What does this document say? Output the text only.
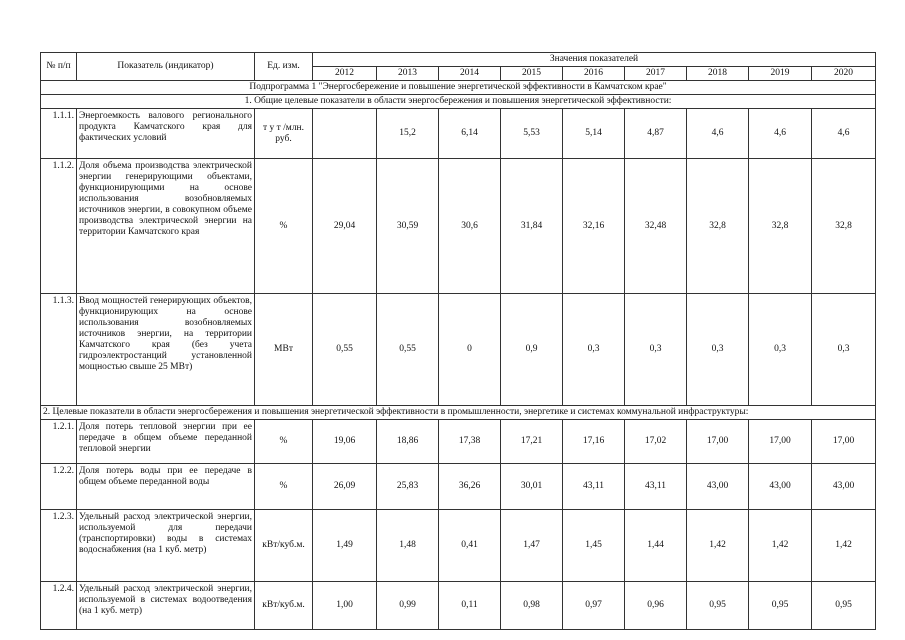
№ п/п	Показатель (индикатор)	Ед. изм.	Значения показателей								
			2012	2013	2014	2015	2016	2017	2018	2019	2020
Подпрограмма 1 "Энергосбережение и повышение энергетической эффективности в Камчатском крае"											
1. Общие целевые показатели в области энергосбережения и повышения энергетической эффективности:											
1.1.1.	Энергоемкость валового регионального продукта Камчатского края для фактических условий	т у т /млн. руб.		15,2	6,14	5,53	5,14	4,87	4,6	4,6	4,6
1.1.2.	Доля объема производства электрической энергии генерирующими объектами, функционирующими на основе использования возобновляемых источников энергии, в совокупном объеме производства электрической энергии на территории Камчатского края	%	29,04	30,59	30,6	31,84	32,16	32,48	32,8	32,8	32,8
1.1.3.	Ввод мощностей генерирующих объектов, функционирующих на основе использования возобновляемых источников энергии, на территории Камчатского края (без учета гидроэлектростанций установленной мощностью свыше 25 МВт)	МВт	0,55	0,55	0	0,9	0,3	0,3	0,3	0,3	0,3
2. Целевые показатели в области энергосбережения и повышения энергетической эффективности в промышленности, энергетике и системах коммунальной инфраструктуры:											
1.2.1.	Доля потерь тепловой энергии при ее передаче в общем объеме переданной тепловой энергии	%	19,06	18,86	17,38	17,21	17,16	17,02	17,00	17,00	17,00
1.2.2.	Доля потерь воды при ее передаче в общем объеме переданной воды	%	26,09	25,83	36,26	30,01	43,11	43,11	43,00	43,00	43,00
1.2.3.	Удельный расход электрической энергии, используемой для передачи (транспортировки) воды в системах водоснабжения (на 1 куб. метр)	кВт/куб.м.	1,49	1,48	0,41	1,47	1,45	1,44	1,42	1,42	1,42
1.2.4.	Удельный расход электрической энергии, используемой в системах водоотведения (на 1 куб. метр)	кВт/куб.м.	1,00	0,99	0,11	0,98	0,97	0,96	0,95	0,95	0,95
